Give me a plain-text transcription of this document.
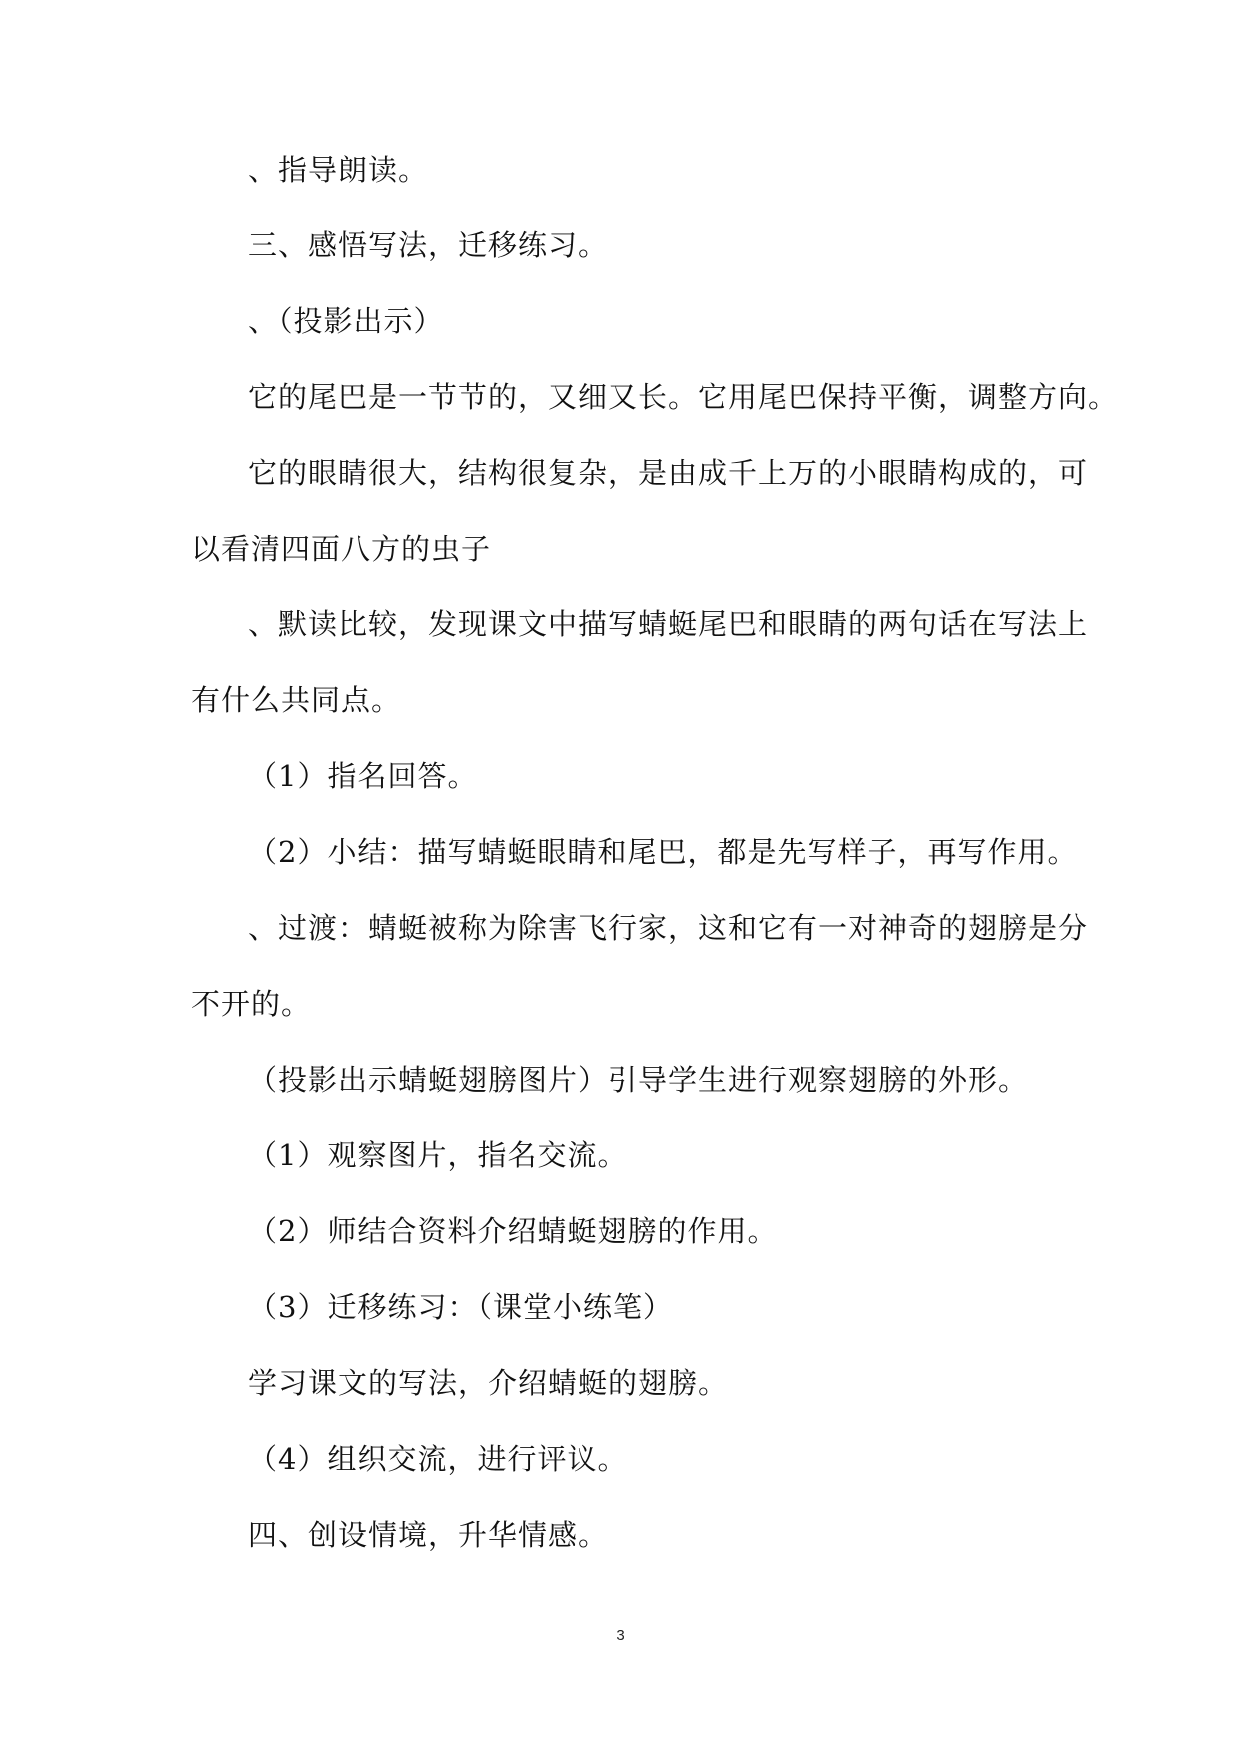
、指导朗读。
三、感悟写法，迁移练习。
、（投影出示）
它的尾巴是一节节的，又细又长。它用尾巴保持平衡，调整方向。
它的眼睛很大，结构很复杂，是由成千上万的小眼睛构成的，可
以看清四面八方的虫子
、默读比较，发现课文中描写蜻蜓尾巴和眼睛的两句话在写法上
有什么共同点。
（1）指名回答。
（2）小结：描写蜻蜓眼睛和尾巴，都是先写样子，再写作用。
、过渡：蜻蜓被称为除害飞行家，这和它有一对神奇的翅膀是分
不开的。
（投影出示蜻蜓翅膀图片）引导学生进行观察翅膀的外形。
（1）观察图片，指名交流。
（2）师结合资料介绍蜻蜓翅膀的作用。
（3）迁移练习：（课堂小练笔）
学习课文的写法，介绍蜻蜓的翅膀。
（4）组织交流，进行评议。
四、创设情境，升华情感。
3
